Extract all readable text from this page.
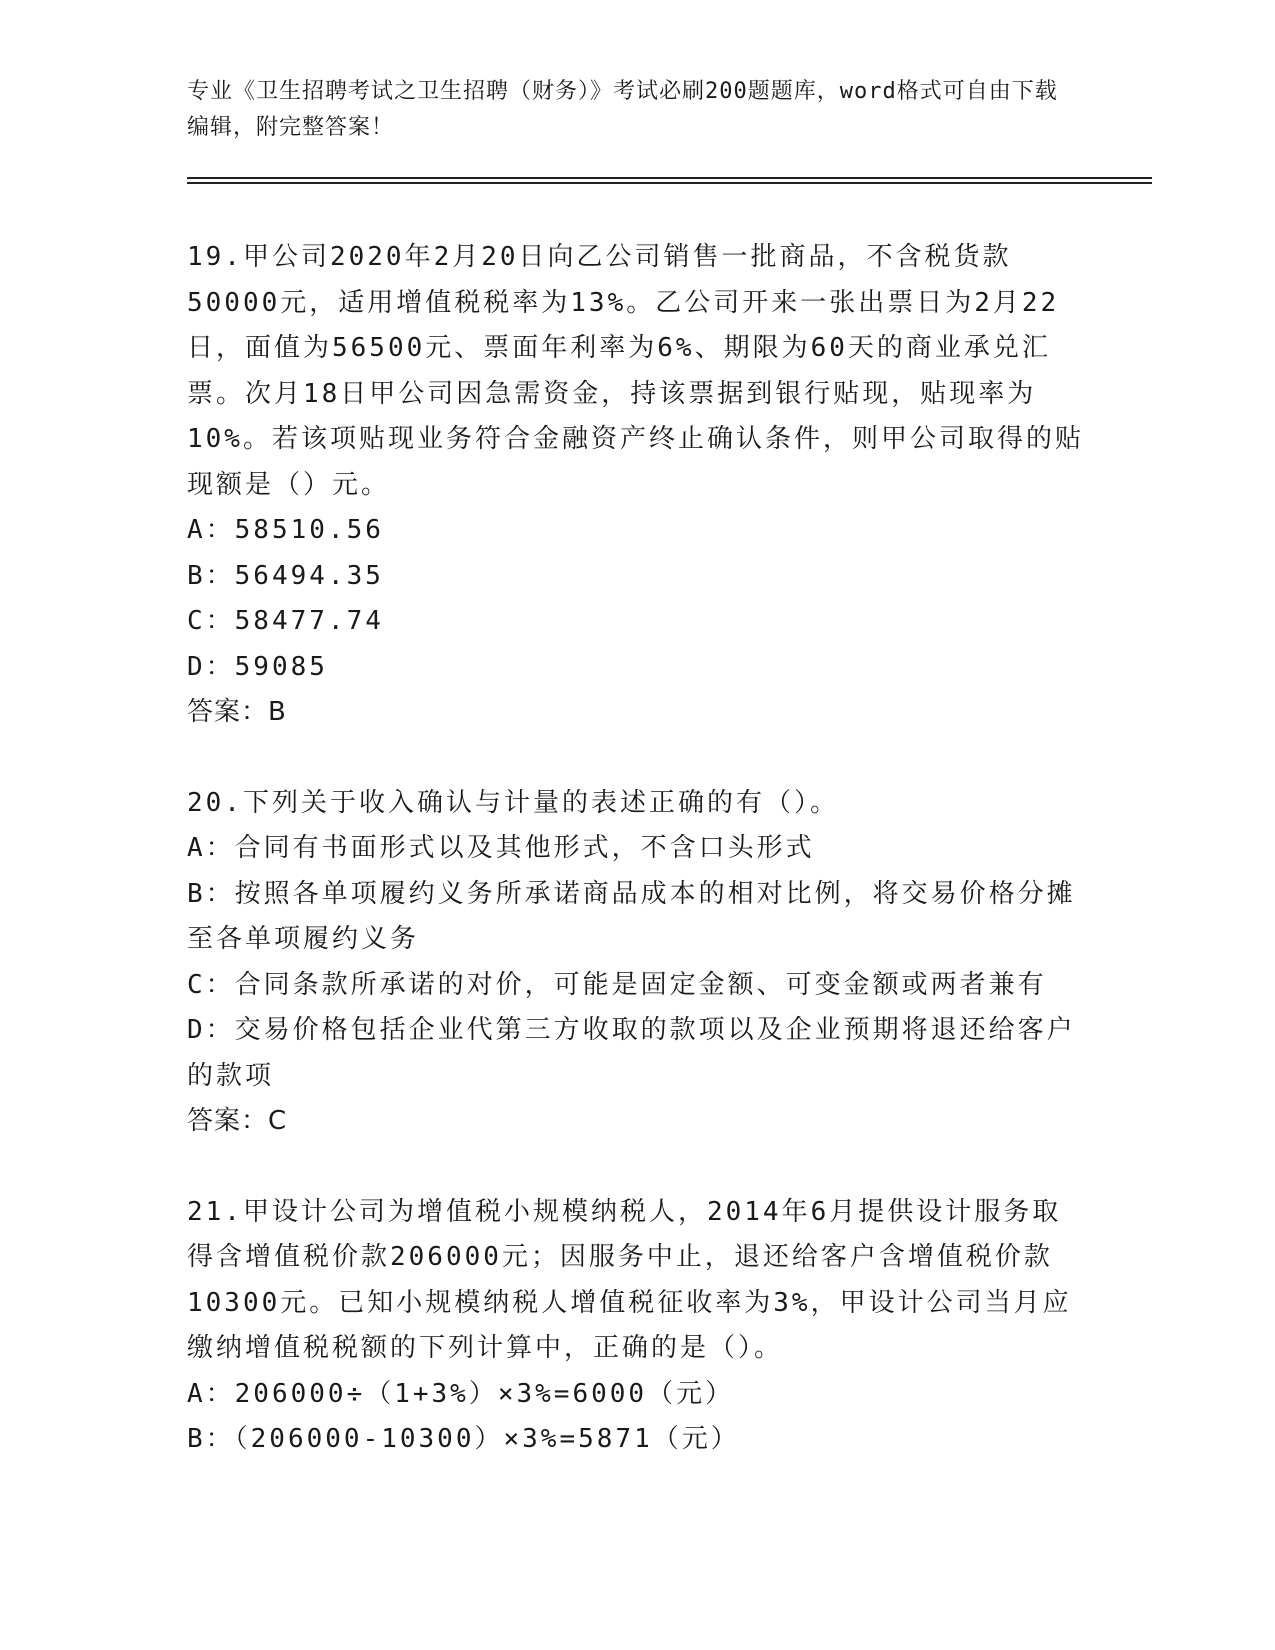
专业《卫生招聘考试之卫生招聘（财务）》考试必刷200题题库，word格式可自由下载编辑，附完整答案！

19.甲公司2020年2月20日向乙公司销售一批商品，不含税货款50000元，适用增值税税率为13%。乙公司开来一张出票日为2月22日，面值为56500元、票面年利率为6%、期限为60天的商业承兑汇票。次月18日甲公司因急需资金，持该票据到银行贴现，贴现率为10%。若该项贴现业务符合金融资产终止确认条件，则甲公司取得的贴现额是（）元。

A：58510.56

B：56494.35

C：58477.74

D：59085

答案：B

20.下列关于收入确认与计量的表述正确的有（）。

A：合同有书面形式以及其他形式，不含口头形式

B：按照各单项履约义务所承诺商品成本的相对比例，将交易价格分摊至各单项履约义务

C：合同条款所承诺的对价，可能是固定金额、可变金额或两者兼有

D：交易价格包括企业代第三方收取的款项以及企业预期将退还给客户的款项

答案：C

21.甲设计公司为增值税小规模纳税人，2014年6月提供设计服务取得含增值税价款206000元；因服务中止，退还给客户含增值税价款10300元。已知小规模纳税人增值税征收率为3%，甲设计公司当月应缴纳增值税税额的下列计算中，正确的是（）。

A：206000÷（1+3%）×3%=6000（元）

B：（206000-10300）×3%=5871（元）
